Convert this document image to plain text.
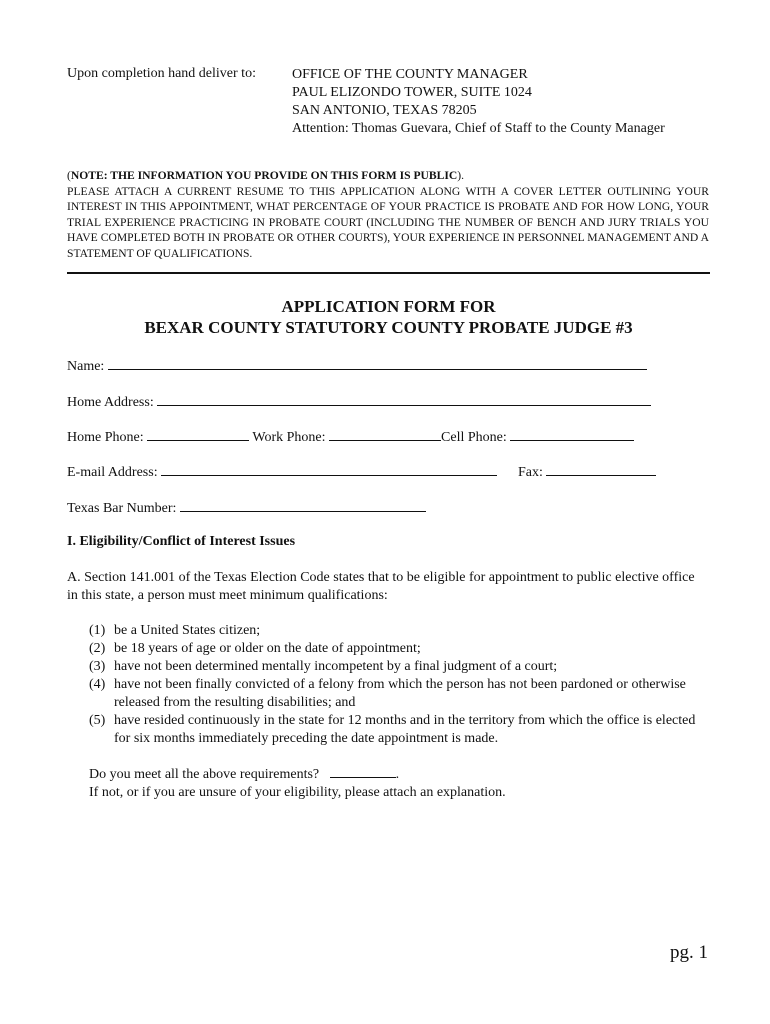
Upon completion hand deliver to:	OFFICE OF THE COUNTY MANAGER
PAUL ELIZONDO TOWER, SUITE 1024
SAN ANTONIO, TEXAS 78205
Attention: Thomas Guevara, Chief of Staff to the County Manager
(NOTE: THE INFORMATION YOU PROVIDE ON THIS FORM IS PUBLIC).
PLEASE ATTACH A CURRENT RESUME TO THIS APPLICATION ALONG WITH A COVER LETTER OUTLINING YOUR INTEREST IN THIS APPOINTMENT, WHAT PERCENTAGE OF YOUR PRACTICE IS PROBATE AND FOR HOW LONG, YOUR TRIAL EXPERIENCE PRACTICING IN PROBATE COURT (INCLUDING THE NUMBER OF BENCH AND JURY TRIALS YOU HAVE COMPLETED BOTH IN PROBATE OR OTHER COURTS), YOUR EXPERIENCE IN PERSONNEL MANAGEMENT AND A STATEMENT OF QUALIFICATIONS.
APPLICATION FORM FOR
BEXAR COUNTY STATUTORY COUNTY PROBATE JUDGE #3
Name:
Home Address:
Home Phone:	Work Phone:	Cell Phone:
E-mail Address:	Fax:
Texas Bar Number:
I. Eligibility/Conflict of Interest Issues
A. Section 141.001 of the Texas Election Code states that to be eligible for appointment to public elective office in this state, a person must meet minimum qualifications:
(1) be a United States citizen;
(2) be 18 years of age or older on the date of appointment;
(3) have not been determined mentally incompetent by a final judgment of a court;
(4) have not been finally convicted of a felony from which the person has not been pardoned or otherwise released from the resulting disabilities; and
(5) have resided continuously in the state for 12 months and in the territory from which the office is elected for six months immediately preceding the date appointment is made.
Do you meet all the above requirements?	.
If not, or if you are unsure of your eligibility, please attach an explanation.
pg. 1
